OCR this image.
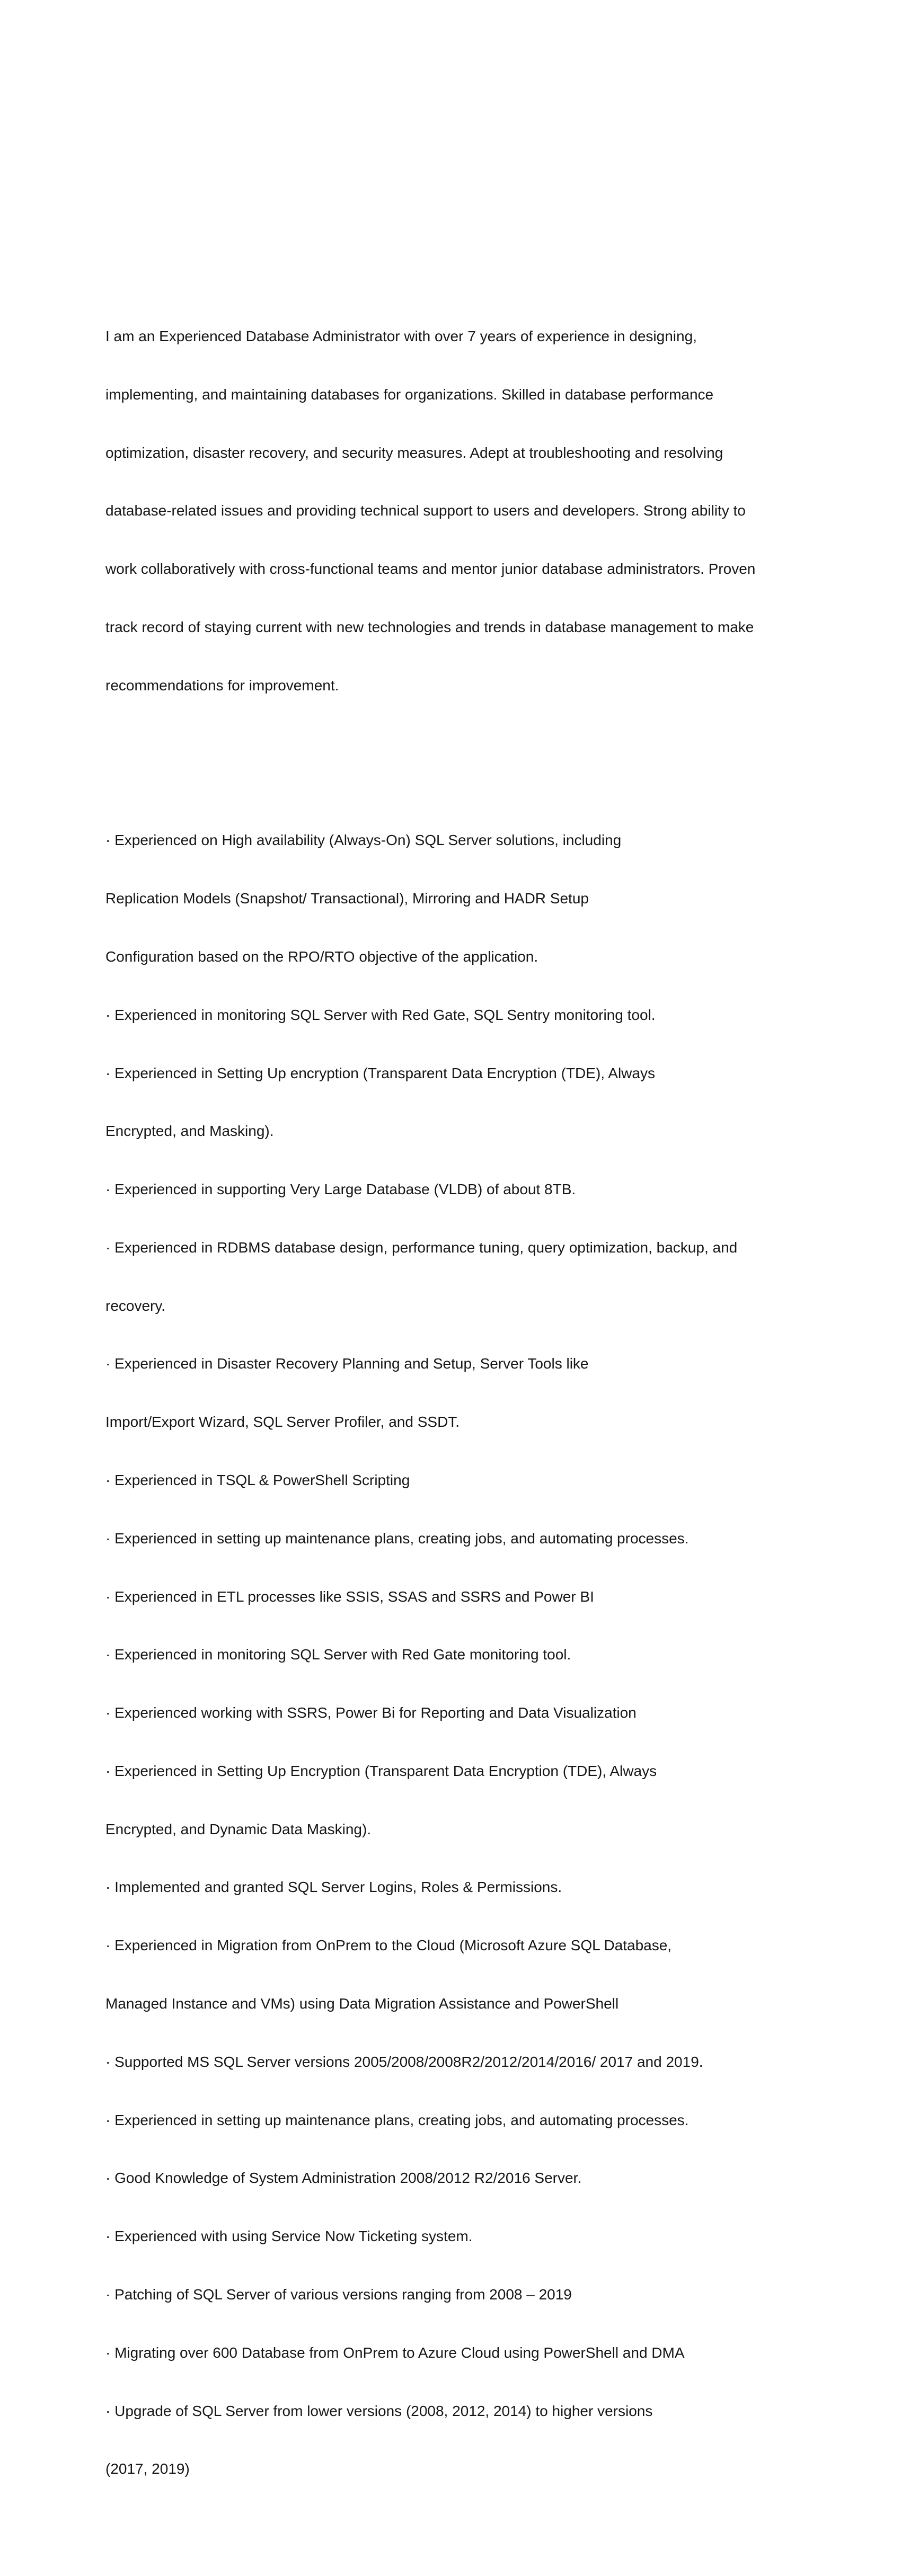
I am an Experienced Database Administrator with over 7 years of experience in designing,

implementing, and maintaining databases for organizations. Skilled in database performance

optimization, disaster recovery, and security measures. Adept at troubleshooting and resolving

database-related issues and providing technical support to users and developers. Strong ability to

work collaboratively with cross-functional teams and mentor junior database administrators. Proven

track record of staying current with new technologies and trends in database management to make

recommendations for improvement.

· Experienced on High availability (Always-On) SQL Server solutions, including

Replication Models (Snapshot/ Transactional), Mirroring and HADR Setup

Configuration based on the RPO/RTO objective of the application.

· Experienced in monitoring SQL Server with Red Gate, SQL Sentry monitoring tool.

· Experienced in Setting Up encryption (Transparent Data Encryption (TDE), Always

Encrypted, and Masking).

· Experienced in supporting Very Large Database (VLDB) of about 8TB.

· Experienced in RDBMS database design, performance tuning, query optimization, backup, and

recovery.

· Experienced in Disaster Recovery Planning and Setup, Server Tools like

Import/Export Wizard, SQL Server Profiler, and SSDT.

· Experienced in TSQL & PowerShell Scripting

· Experienced in setting up maintenance plans, creating jobs, and automating processes.

· Experienced in ETL processes like SSIS, SSAS and SSRS and Power BI

· Experienced in monitoring SQL Server with Red Gate monitoring tool.

· Experienced working with SSRS, Power Bi for Reporting and Data Visualization

· Experienced in Setting Up Encryption (Transparent Data Encryption (TDE), Always

Encrypted, and Dynamic Data Masking).

· Implemented and granted SQL Server Logins, Roles & Permissions.

· Experienced in Migration from OnPrem to the Cloud (Microsoft Azure SQL Database,

Managed Instance and VMs) using Data Migration Assistance and PowerShell

· Supported MS SQL Server versions 2005/2008/2008R2/2012/2014/2016/ 2017 and 2019.

· Experienced in setting up maintenance plans, creating jobs, and automating processes.

· Good Knowledge of System Administration 2008/2012 R2/2016 Server.

· Experienced with using Service Now Ticketing system.

· Patching of SQL Server of various versions ranging from 2008 – 2019

· Migrating over 600 Database from OnPrem to Azure Cloud using PowerShell and DMA

· Upgrade of SQL Server from lower versions (2008, 2012, 2014) to higher versions

(2017, 2019)
